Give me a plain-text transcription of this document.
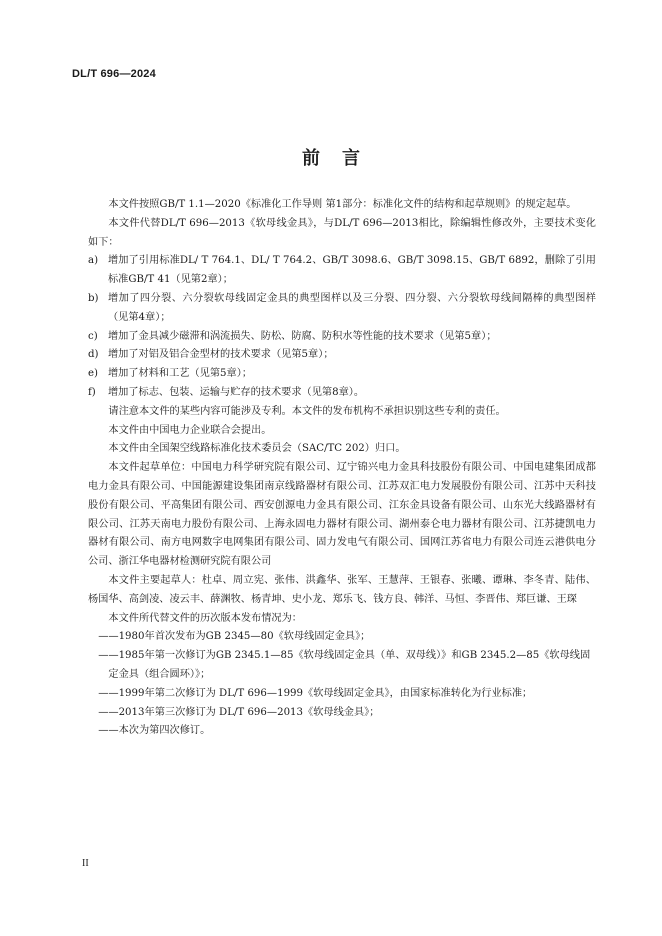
DL/T 696—2024
前言

本文件按照GB/T 1.1—2020《标准化工作导则 第1部分：标准化文件的结构和起草规则》的规定起草。

本文件代替DL/T 696—2013《软母线金具》，与DL/T 696—2013相比，除编辑性修改外，主要技术变化如下：

a) 增加了引用标准DL/ T 764.1、DL/ T 764.2、GB/T 3098.6、GB/T 3098.15、GB/T 6892，删除了引用标准GB/T 41（见第2章）；

b) 增加了四分裂、六分裂软母线固定金具的典型图样以及三分裂、四分裂、六分裂软母线间隔棒的典型图样（见第4章）；

c) 增加了金具减少磁滞和涡流损失、防松、防腐、防积水等性能的技术要求（见第5章）；

d) 增加了对铝及铝合金型材的技术要求（见第5章）；

e) 增加了材料和工艺（见第5章）；

f) 增加了标志、包装、运输与贮存的技术要求（见第8章）。

请注意本文件的某些内容可能涉及专利。本文件的发布机构不承担识别这些专利的责任。

本文件由中国电力企业联合会提出。

本文件由全国架空线路标准化技术委员会（SAC/TC 202）归口。

本文件起草单位：中国电力科学研究院有限公司、辽宁锦兴电力金具科技股份有限公司、中国电建集团成都电力金具有限公司、中国能源建设集团南京线路器材有限公司、江苏双汇电力发展股份有限公司、江苏中天科技股份有限公司、平高集团有限公司、西安创源电力金具有限公司、江东金具设备有限公司、山东光大线路器材有限公司、江苏天南电力股份有限公司、上海永固电力器材有限公司、湖州泰仑电力器材有限公司、江苏捷凯电力器材有限公司、南方电网数字电网集团有限公司、固力发电气有限公司、国网江苏省电力有限公司连云港供电分公司、浙江华电器材检测研究院有限公司

本文件主要起草人：杜卓、周立宪、张伟、洪鑫华、张军、王慧萍、王银春、张曦、谭琳、李冬青、陆伟、杨国华、高剑凌、凌云丰、薛渊牧、杨青坤、史小龙、郑乐飞、钱方良、韩洋、马恒、李晋伟、郑巨谦、王琛

本文件所代替文件的历次版本发布情况为：

——1980年首次发布为GB 2345—80《软母线固定金具》；

——1985年第一次修订为GB 2345.1—85《软母线固定金具（单、双母线）》和GB 2345.2—85《软母线固定金具（组合圆环）》；

——1999年第二次修订为 DL/T 696—1999《软母线固定金具》，由国家标准转化为行业标准；

——2013年第三次修订为 DL/T 696—2013《软母线金具》；

——本次为第四次修订。

II
